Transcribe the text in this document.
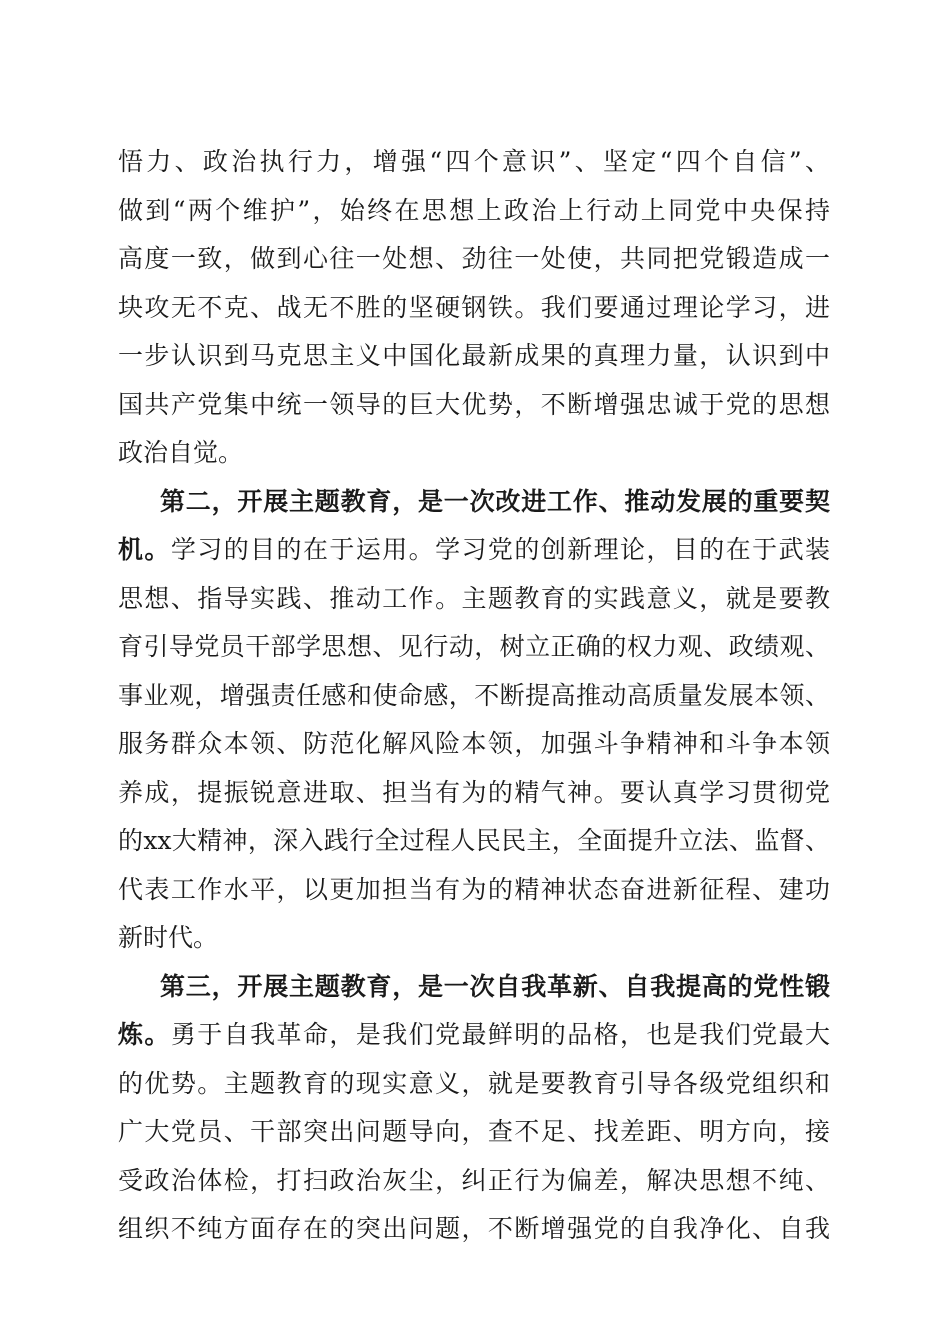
悟力、政治执行力，增强“四个意识”、坚定“四个自信”、
做到“两个维护”，始终在思想上政治上行动上同党中央保持
高度一致，做到心往一处想、劲往一处使，共同把党锻造成一
块攻无不克、战无不胜的坚硬钢铁。我们要通过理论学习，进
一步认识到马克思主义中国化最新成果的真理力量，认识到中
国共产党集中统一领导的巨大优势，不断增强忠诚于党的思想
政治自觉。
第二，开展主题教育，是一次改进工作、推动发展的重要契
机。学习的目的在于运用。学习党的创新理论，目的在于武装
思想、指导实践、推动工作。主题教育的实践意义，就是要教
育引导党员干部学思想、见行动，树立正确的权力观、政绩观、
事业观，增强责任感和使命感，不断提高推动高质量发展本领、
服务群众本领、防范化解风险本领，加强斗争精神和斗争本领
养成，提振锐意进取、担当有为的精气神。要认真学习贯彻党
的xx大精神，深入践行全过程人民民主，全面提升立法、监督、
代表工作水平，以更加担当有为的精神状态奋进新征程、建功
新时代。
第三，开展主题教育，是一次自我革新、自我提高的党性锻
炼。勇于自我革命，是我们党最鲜明的品格，也是我们党最大
的优势。主题教育的现实意义，就是要教育引导各级党组织和
广大党员、干部突出问题导向，查不足、找差距、明方向，接
受政治体检，打扫政治灰尘，纠正行为偏差，解决思想不纯、
组织不纯方面存在的突出问题，不断增强党的自我净化、自我
